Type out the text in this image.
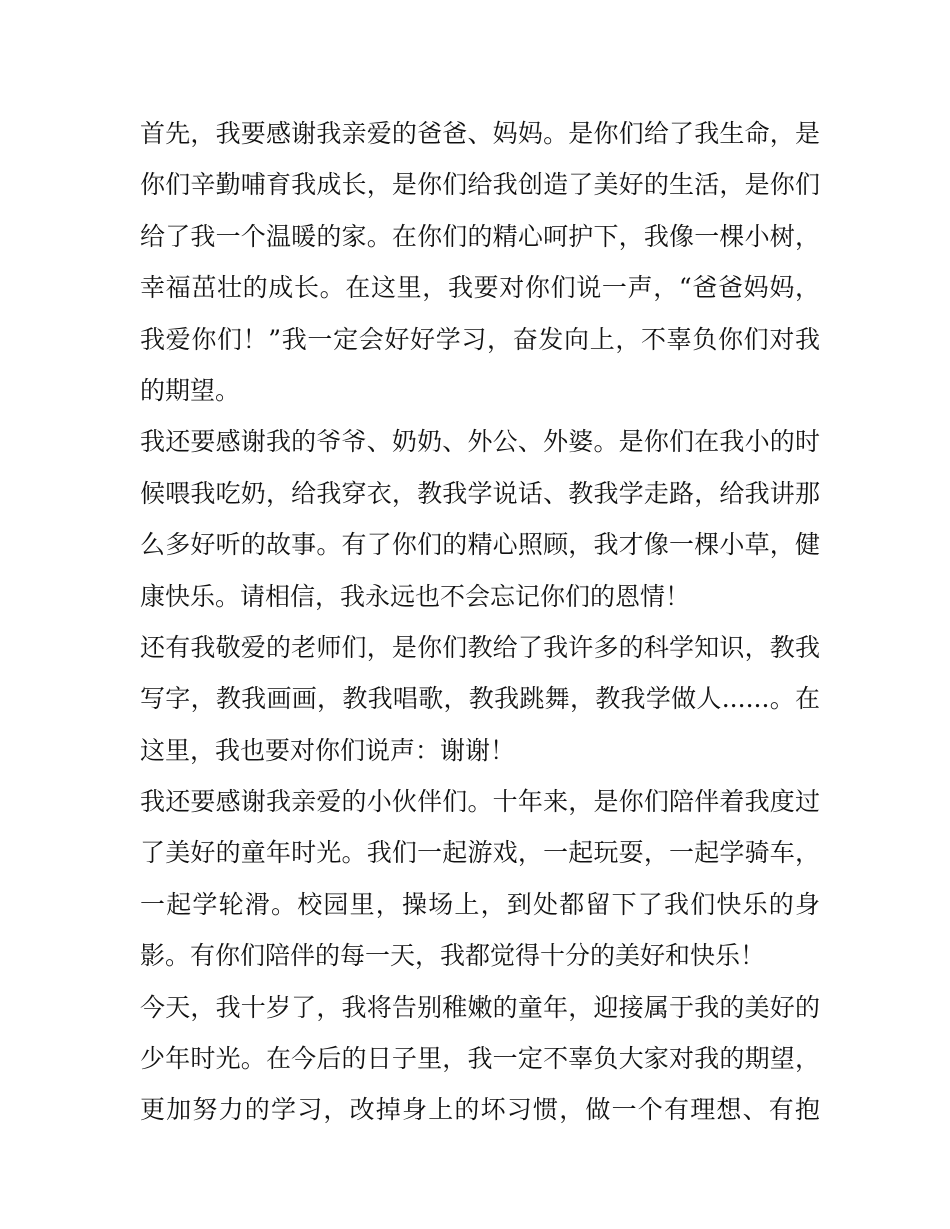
首先，我要感谢我亲爱的爸爸、妈妈。是你们给了我生命，是
你们辛勤哺育我成长，是你们给我创造了美好的生活，是你们
给了我一个温暖的家。在你们的精心呵护下，我像一棵小树，
幸福茁壮的成长。在这里，我要对你们说一声，“爸爸妈妈，
我爱你们！”我一定会好好学习，奋发向上，不辜负你们对我
的期望。
我还要感谢我的爷爷、奶奶、外公、外婆。是你们在我小的时
候喂我吃奶，给我穿衣，教我学说话、教我学走路，给我讲那
么多好听的故事。有了你们的精心照顾，我才像一棵小草，健
康快乐。请相信，我永远也不会忘记你们的恩情！
还有我敬爱的老师们，是你们教给了我许多的科学知识，教我
写字，教我画画，教我唱歌，教我跳舞，教我学做人......。在
这里，我也要对你们说声：谢谢！
我还要感谢我亲爱的小伙伴们。十年来，是你们陪伴着我度过
了美好的童年时光。我们一起游戏，一起玩耍，一起学骑车，
一起学轮滑。校园里，操场上，到处都留下了我们快乐的身
影。有你们陪伴的每一天，我都觉得十分的美好和快乐！
今天，我十岁了，我将告别稚嫩的童年，迎接属于我的美好的
少年时光。在今后的日子里，我一定不辜负大家对我的期望，
更加努力的学习，改掉身上的坏习惯，做一个有理想、有抱
